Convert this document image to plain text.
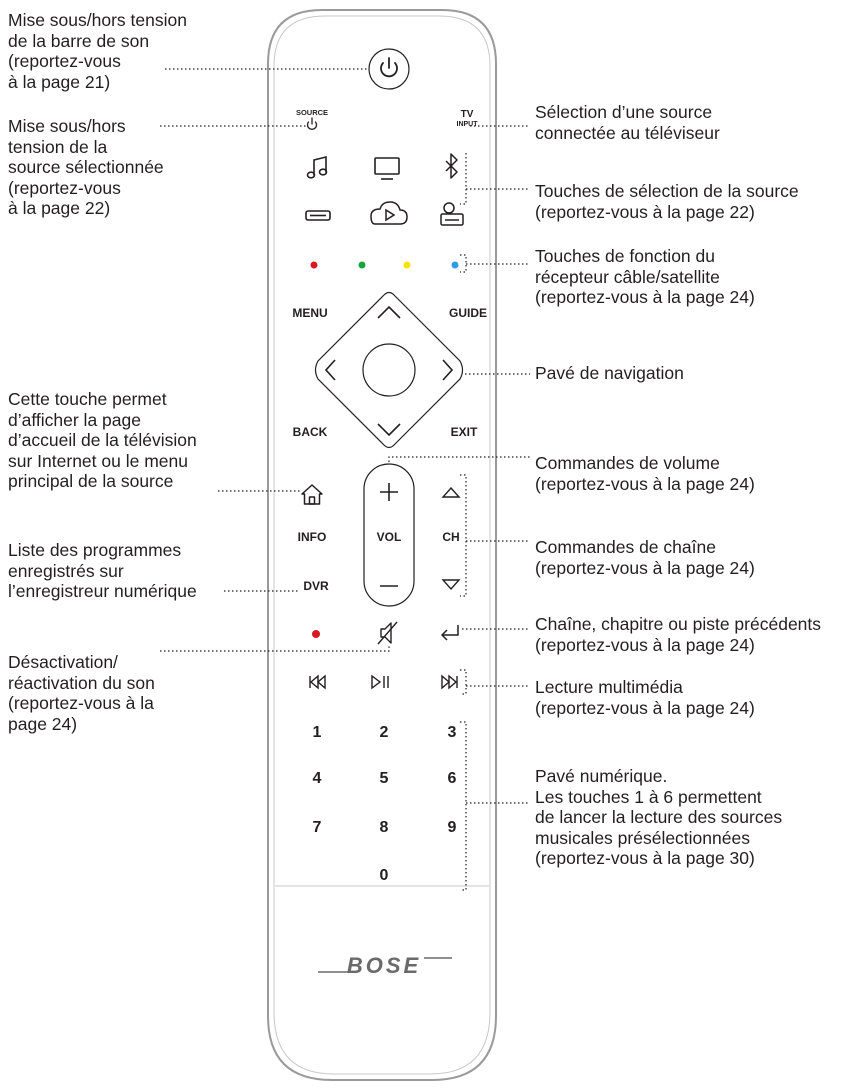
SOURCE	TV
INPUT
MENU	GUIDE
BACK	EXIT
VOL	CH
INFO
DVR
1	2	3
4	5	6
7	8	9
0
BOSE
Mise sous/hors tension
de la barre de son
(reportez-vous
à la page 21)
Mise sous/hors
tension de la
source sélectionnée
(reportez-vous
à la page 22)
Sélection d’une source
connectée au téléviseur
Touches de sélection de la source
(reportez-vous à la page 22)
Touches de fonction du
récepteur câble/satellite
(reportez-vous à la page 24)
Pavé de navigation
Cette touche permet
d’afficher la page
d’accueil de la télévision
sur Internet ou le menu
principal de la source
Commandes de volume
(reportez-vous à la page 24)
Liste des programmes
enregistrés sur
l’enregistreur numérique
Commandes de chaîne
(reportez-vous à la page 24)
Chaîne, chapitre ou piste précédents
(reportez-vous à la page 24)
Désactivation/
réactivation du son
(reportez-vous à la
page 24)
Lecture multimédia
(reportez-vous à la page 24)
Pavé numérique.
Les touches 1 à 6 permettent
de lancer la lecture des sources
musicales présélectionnées
(reportez-vous à la page 30)
